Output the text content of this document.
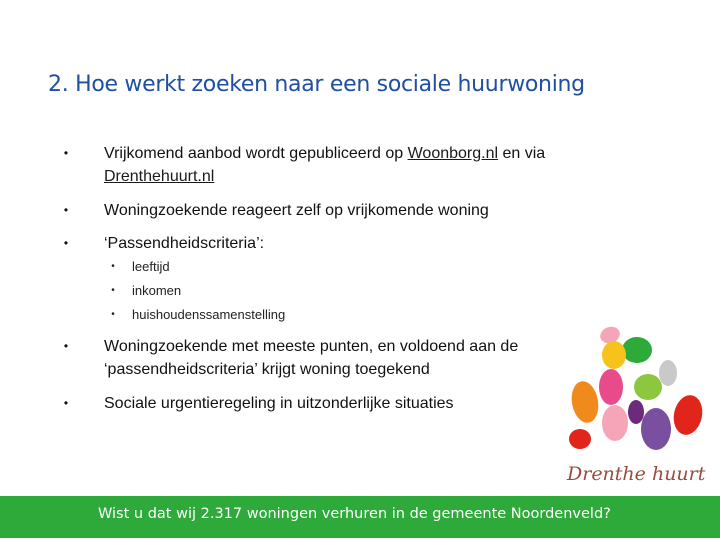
2. Hoe werkt zoeken naar een sociale huurwoning
• Vrijkomend aanbod wordt gepubliceerd op Woonborg.nl en via
Drenthehuurt.nl
• Woningzoekende reageert zelf op vrijkomende woning
• ‘Passendheidscriteria’:
•	leeftijd
•	inkomen
•	huishoudenssamenstelling
• Woningzoekende met meeste punten, en voldoend aan de
‘passendheidscriteria’ krijgt woning toegekend
• Sociale urgentieregeling in uitzonderlijke situaties
Drenthe huurt
Wist u dat wij 2.317 woningen verhuren in de gemeente Noordenveld?
